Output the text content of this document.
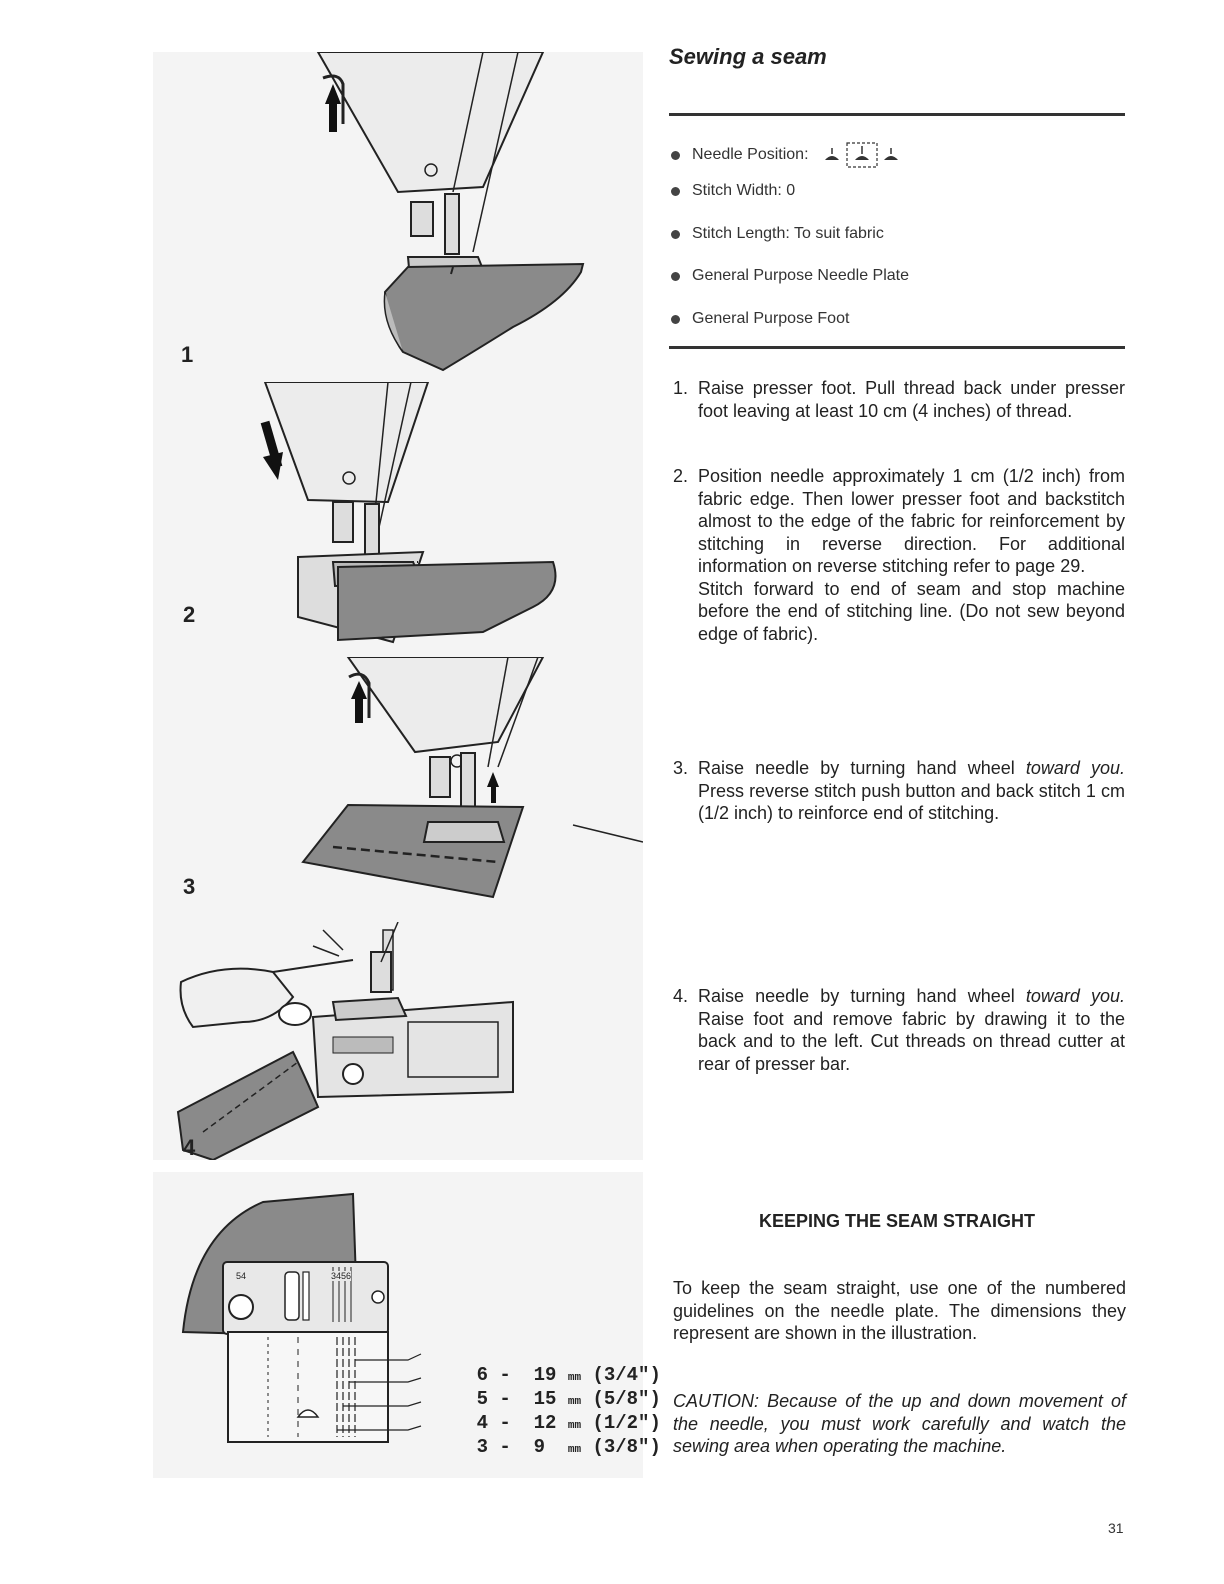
1
2
3
4
54	3456

6 -  19 mm (3/4")

5 -  15 mm (5/8")

4 -  12 mm (1/2")

3 -  9 mm (3/8")

Sewing a seam
Needle Position:
Stitch Width: 0
Stitch Length: To suit fabric
General Purpose Needle Plate
General Purpose Foot
1. Raise presser foot. Pull thread back under presser foot leaving at least 10 cm (4 inches) of thread.

2. Position needle approximately 1 cm (1/2 inch) from fabric edge. Then lower presser foot and backstitch almost to the edge of the fabric for reinforcement by stitching in reverse direction. For additional information on reverse stitching refer to page 29.

Stitch forward to end of seam and stop machine before the end of stitching line. (Do not sew beyond edge of fabric).

3. Raise needle by turning hand wheel toward you. Press reverse stitch push button and back stitch 1 cm (1/2 inch) to reinforce end of stitching.

4. Raise needle by turning hand wheel toward you. Raise foot and remove fabric by drawing it to the back and to the left. Cut threads on thread cutter at rear of presser bar.

KEEPING THE SEAM STRAIGHT
To keep the seam straight, use one of the numbered guidelines on the needle plate. The dimensions they represent are shown in the illustration.
CAUTION: Because of the up and down movement of the needle, you must work carefully and watch the sewing area when operating the machine.
31
